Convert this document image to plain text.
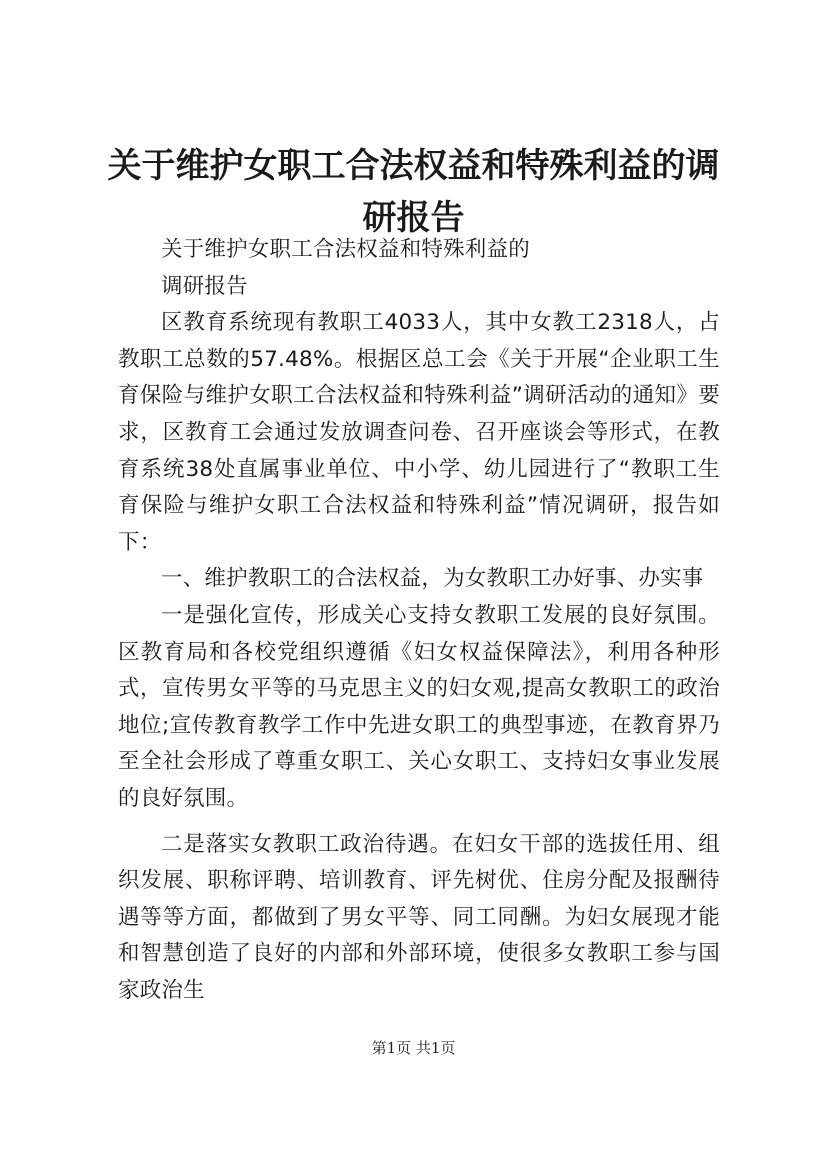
关于维护女职工合法权益和特殊利益的调研报告

关于维护女职工合法权益和特殊利益的

调研报告

区教育系统现有教职工4033人，其中女教工2318人，占教职工总数的57.48%。根据区总工会《关于开展“企业职工生育保险与维护女职工合法权益和特殊利益”调研活动的通知》要求，区教育工会通过发放调查问卷、召开座谈会等形式，在教育系统38处直属事业单位、中小学、幼儿园进行了“教职工生育保险与维护女职工合法权益和特殊利益”情况调研，报告如下：

一、维护教职工的合法权益，为女教职工办好事、办实事

一是强化宣传，形成关心支持女教职工发展的良好氛围。区教育局和各校党组织遵循《妇女权益保障法》，利用各种形式，宣传男女平等的马克思主义的妇女观,提高女教职工的政治地位;宣传教育教学工作中先进女职工的典型事迹，在教育界乃至全社会形成了尊重女职工、关心女职工、支持妇女事业发展的良好氛围。

二是落实女教职工政治待遇。在妇女干部的选拔任用、组织发展、职称评聘、培训教育、评先树优、住房分配及报酬待遇等等方面，都做到了男女平等、同工同酬。为妇女展现才能和智慧创造了良好的内部和外部环境，使很多女教职工参与国家政治生

第1页 共1页
